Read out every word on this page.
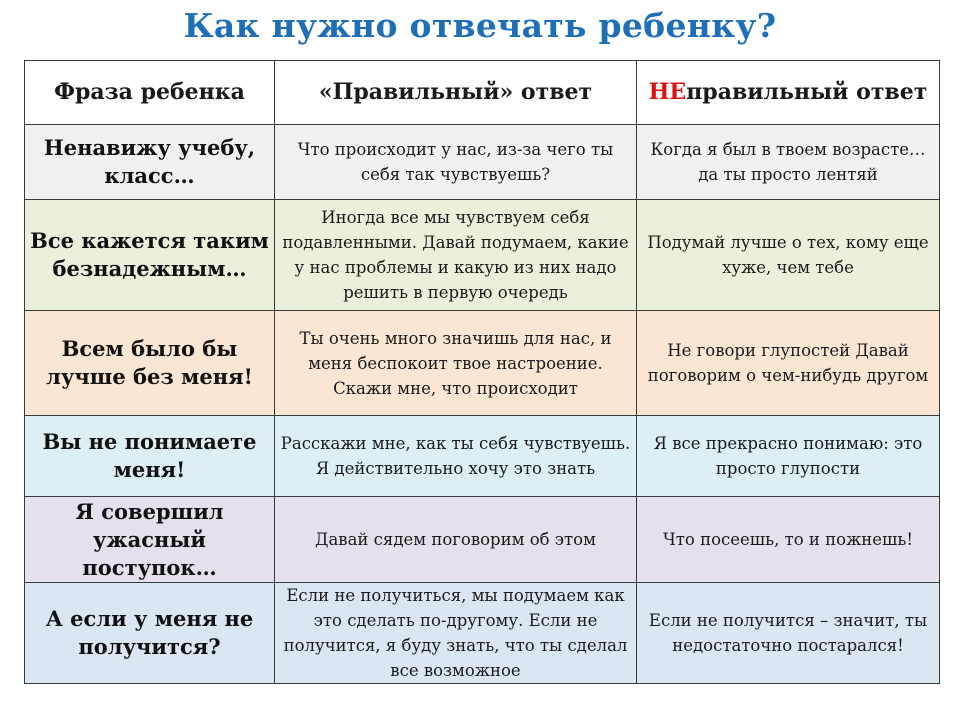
Как нужно отвечать ребенку?
Фраза ребенка	«Правильный» ответ	НЕправильный ответ
Ненавижу учебу, класс…	Что происходит у нас, из-за чего ты себя так чувствуешь?	Когда я был в твоем возрасте… да ты просто лентяй
Все кажется таким безнадежным…	Иногда все мы чувствуем себя подавленными. Давай подумаем, какие у нас проблемы и какую из них надо решить в первую очередь	Подумай лучше о тех, кому еще хуже, чем тебе
Всем было бы лучше без меня!	Ты очень много значишь для нас, и меня беспокоит твое настроение. Скажи мне, что происходит	Не говори глупостей Давай поговорим о чем-нибудь другом
Вы не понимаете меня!	Расскажи мне, как ты себя чувствуешь. Я действительно хочу это знать	Я все прекрасно понимаю: это просто глупости
Я совершил ужасный поступок…	Давай сядем поговорим об этом	Что посеешь, то и пожнешь!
А если у меня не получится?	Если не получиться, мы подумаем как это сделать по-другому. Если не получится, я буду знать, что ты сделал все возможное	Если не получится – значит, ты недостаточно постарался!
